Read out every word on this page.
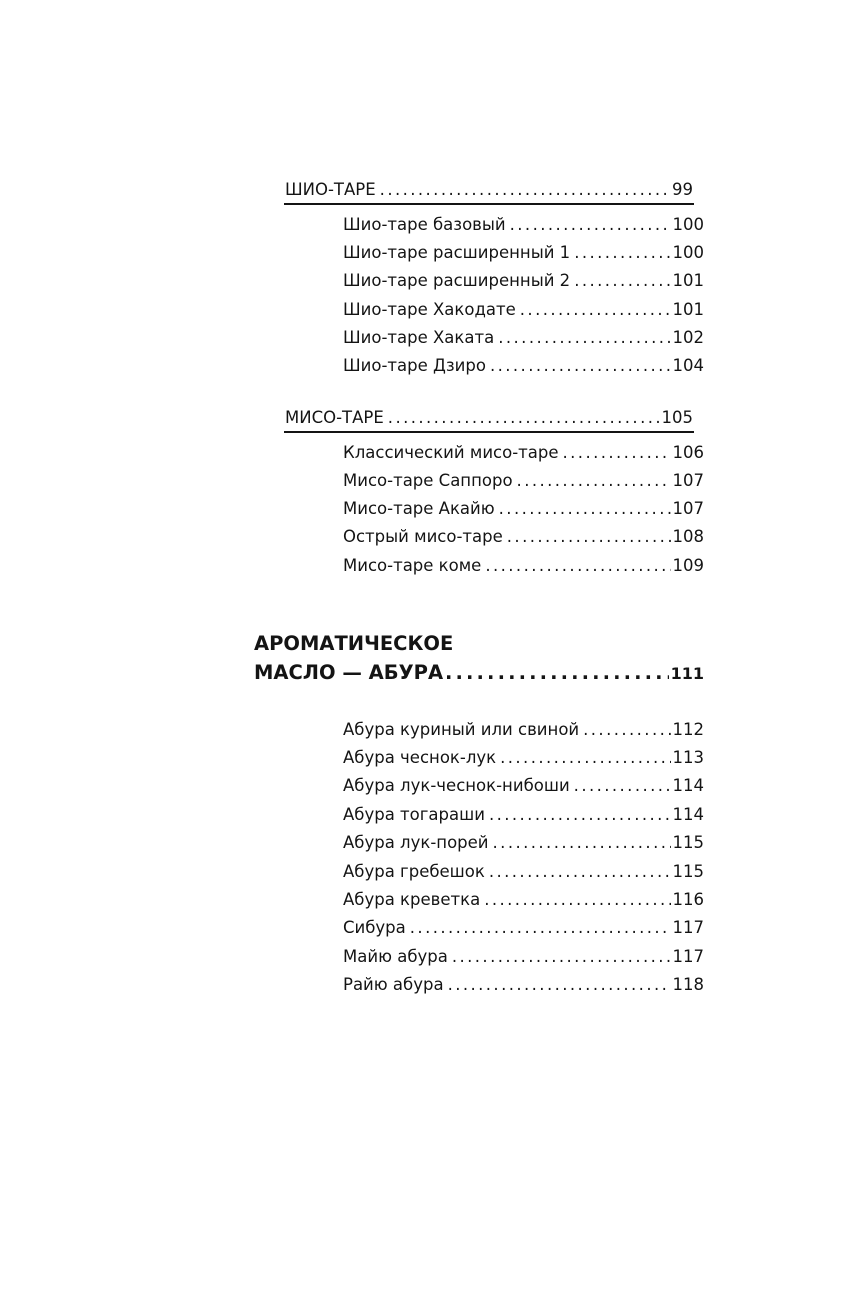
ШИО-ТАРЕ .....	99
Шио-таре базовый .....	100
Шио-таре расширенный 1 .....	100
Шио-таре расширенный 2 .....	101
Шио-таре Хакодате .....	101
Шио-таре Хаката .....	102
Шио-таре Дзиро .....	104
МИСО-ТАРЕ .....	105
Классический мисо-таре .....	106
Мисо-таре Саппоро .....	107
Мисо-таре Акайю .....	107
Острый мисо-таре .....	108
Мисо-таре коме .....	109
АРОМАТИЧЕСКОЕ
МАСЛО — АБУРА .....	111
Абура куриный или свиной .....	112
Абура чеснок-лук .....	113
Абура лук-чеснок-нибоши .....	114
Абура тогараши .....	114
Абура лук-порей .....	115
Абура гребешок .....	115
Абура креветка .....	116
Сибура .....	117
Майю абура .....	117
Райю абура .....	118
